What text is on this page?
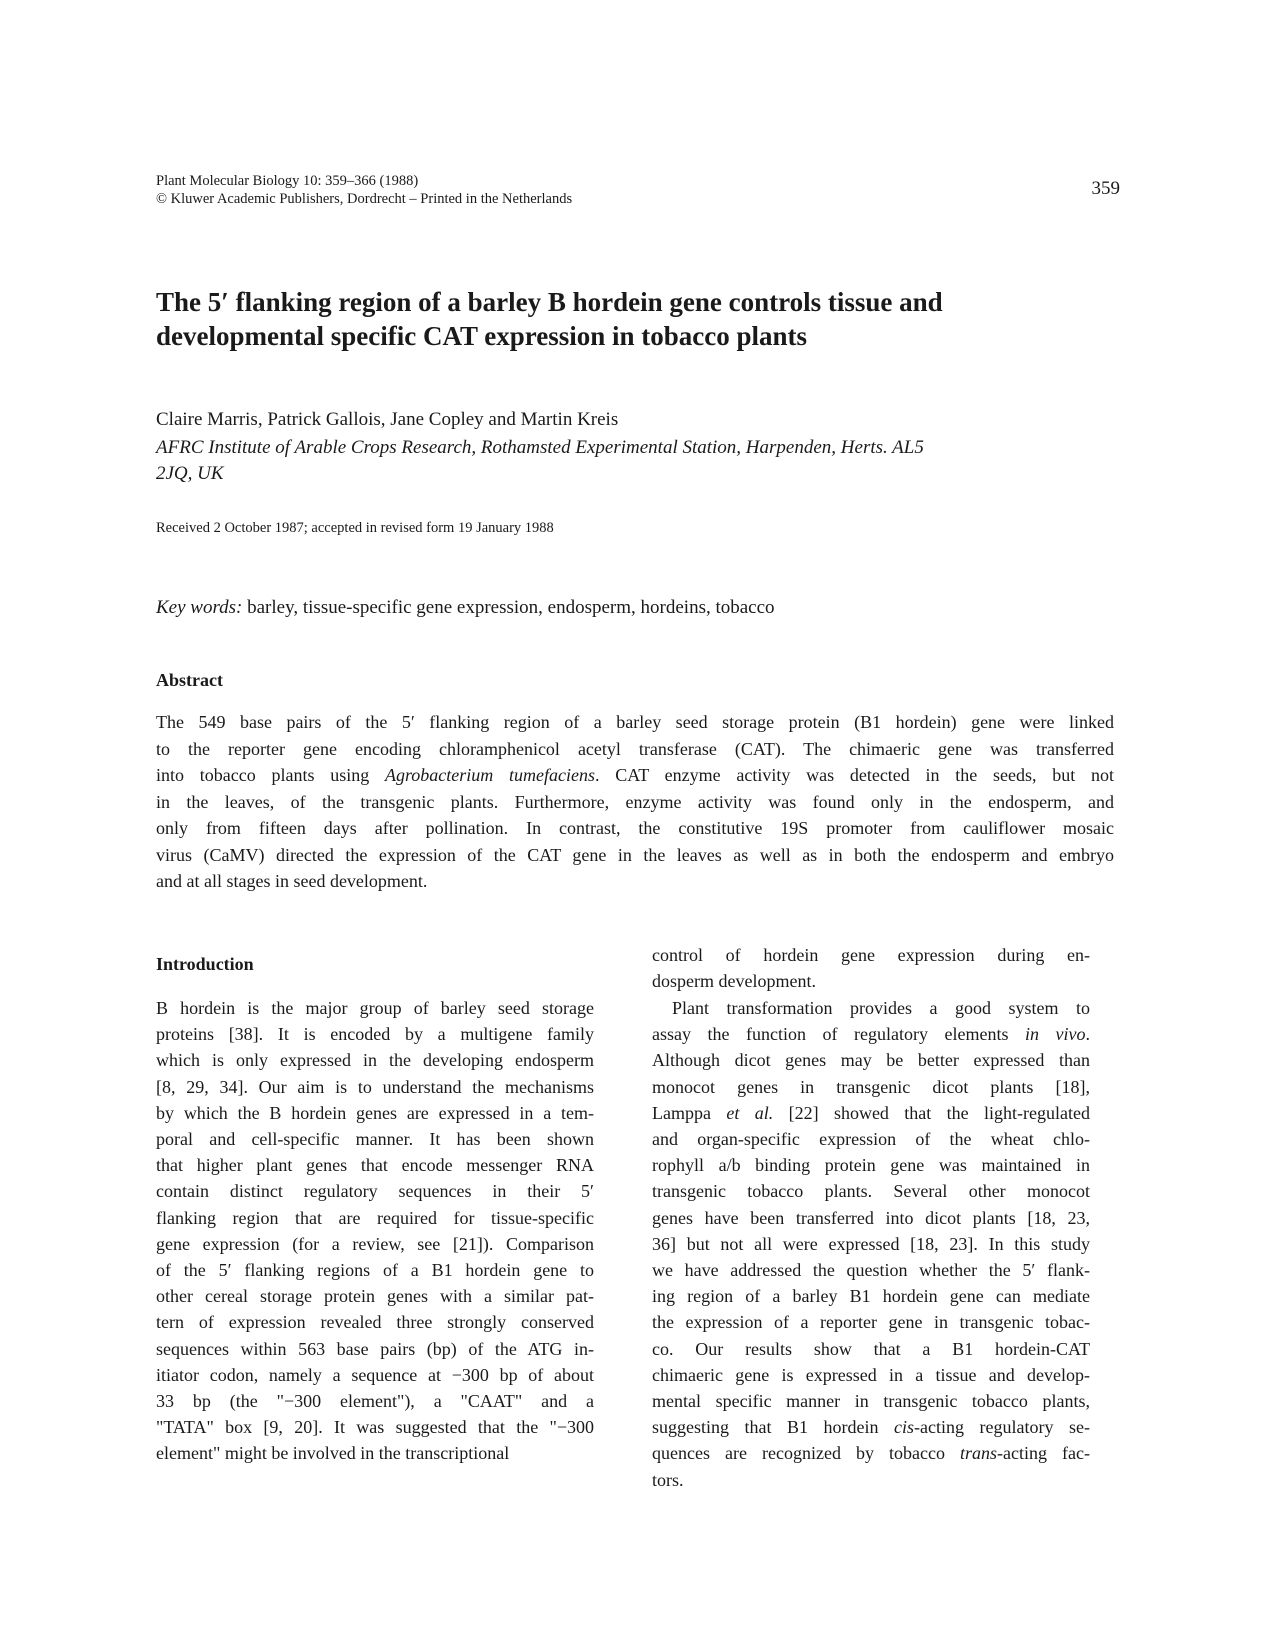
Plant Molecular Biology 10: 359–366 (1988)
© Kluwer Academic Publishers, Dordrecht – Printed in the Netherlands	359
The 5′ flanking region of a barley B hordein gene controls tissue and
developmental specific CAT expression in tobacco plants
Claire Marris, Patrick Gallois, Jane Copley and Martin Kreis
AFRC Institute of Arable Crops Research, Rothamsted Experimental Station, Harpenden, Herts. AL5
2JQ, UK
Received 2 October 1987; accepted in revised form 19 January 1988
Key words: barley, tissue-specific gene expression, endosperm, hordeins, tobacco
Abstract
The 549 base pairs of the 5′ flanking region of a barley seed storage protein (B1 hordein) gene were linked
to the reporter gene encoding chloramphenicol acetyl transferase (CAT). The chimaeric gene was transferred
into tobacco plants using Agrobacterium tumefaciens. CAT enzyme activity was detected in the seeds, but not
in the leaves, of the transgenic plants. Furthermore, enzyme activity was found only in the endosperm, and
only from fifteen days after pollination. In contrast, the constitutive 19S promoter from cauliflower mosaic
virus (CaMV) directed the expression of the CAT gene in the leaves as well as in both the endosperm and embryo
and at all stages in seed development.
Introduction
B hordein is the major group of barley seed storage
proteins [38]. It is encoded by a multigene family
which is only expressed in the developing endosperm
[8, 29, 34]. Our aim is to understand the mechanisms
by which the B hordein genes are expressed in a tem-
poral and cell-specific manner. It has been shown
that higher plant genes that encode messenger RNA
contain distinct regulatory sequences in their 5′
flanking region that are required for tissue-specific
gene expression (for a review, see [21]). Comparison
of the 5′ flanking regions of a B1 hordein gene to
other cereal storage protein genes with a similar pat-
tern of expression revealed three strongly conserved
sequences within 563 base pairs (bp) of the ATG in-
itiator codon, namely a sequence at −300 bp of about
33 bp (the "−300 element"), a "CAAT" and a
"TATA" box [9, 20]. It was suggested that the "−300
element" might be involved in the transcriptional
control of hordein gene expression during en-
dosperm development.
Plant transformation provides a good system to
assay the function of regulatory elements in vivo.
Although dicot genes may be better expressed than
monocot genes in transgenic dicot plants [18],
Lamppa et al. [22] showed that the light-regulated
and organ-specific expression of the wheat chlo-
rophyll a/b binding protein gene was maintained in
transgenic tobacco plants. Several other monocot
genes have been transferred into dicot plants [18, 23,
36] but not all were expressed [18, 23]. In this study
we have addressed the question whether the 5′ flank-
ing region of a barley B1 hordein gene can mediate
the expression of a reporter gene in transgenic tobac-
co. Our results show that a B1 hordein-CAT
chimaeric gene is expressed in a tissue and develop-
mental specific manner in transgenic tobacco plants,
suggesting that B1 hordein cis-acting regulatory se-
quences are recognized by tobacco trans-acting fac-
tors.
